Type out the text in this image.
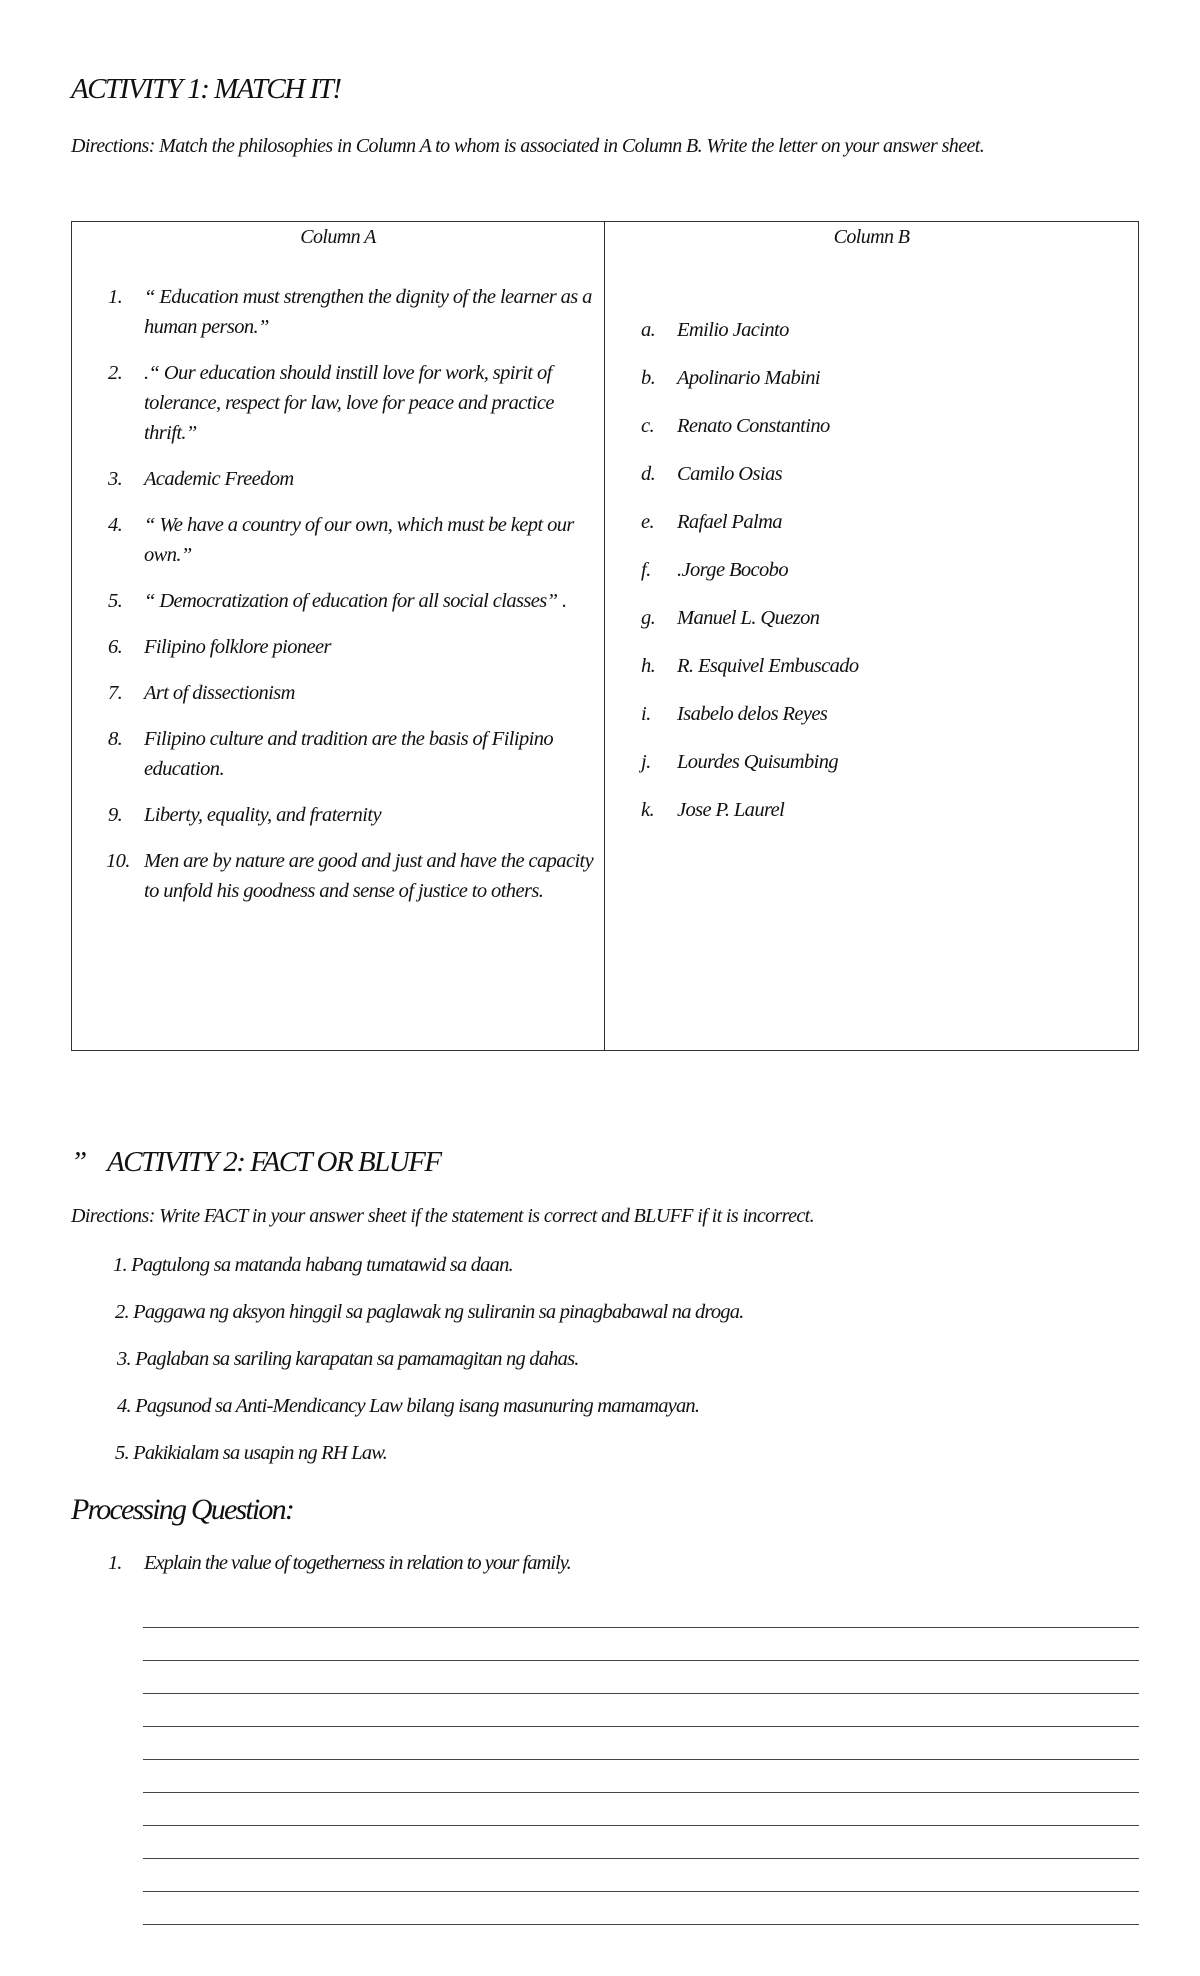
ACTIVITY 1: MATCH IT!

Directions: Match the philosophies in Column A to whom is associated in Column B. Write the letter on your answer sheet.

Column A	Column B
1. “ Education must strengthen the dignity of the learner as a human person.”
2. .“ Our education should instill love for work, spirit of tolerance, respect for law, love for peace and practice thrift.”
3. Academic Freedom
4. “ We have a country of our own, which must be kept our own.”
5. “ Democratization of education for all social classes” .
6. Filipino folklore pioneer
7. Art of dissectionism
8. Filipino culture and tradition are the basis of Filipino education.
9. Liberty, equality, and fraternity
10. Men are by nature are good and just and have the capacity to unfold his goodness and sense of justice to others.
a. Emilio Jacinto
b. Apolinario Mabini
c. Renato Constantino
d. Camilo Osias
e. Rafael Palma
f. .Jorge Bocobo
g. Manuel L. Quezon
h. R. Esquivel Embuscado
i. Isabelo delos Reyes
j. Lourdes Quisumbing
k. Jose P. Laurel
” ACTIVITY 2: FACT OR BLUFF

Directions: Write FACT in your answer sheet if the statement is correct and BLUFF if it is incorrect.

1. Pagtulong sa matanda habang tumatawid sa daan.
2. Paggawa ng aksyon hinggil sa paglawak ng suliranin sa pinagbabawal na droga.
3. Paglaban sa sariling karapatan sa pamamagitan ng dahas.
4. Pagsunod sa Anti-Mendicancy Law bilang isang masunuring mamamayan.
5. Pakikialam sa usapin ng RH Law.
Processing Question:
1. Explain the value of togetherness in relation to your family.
